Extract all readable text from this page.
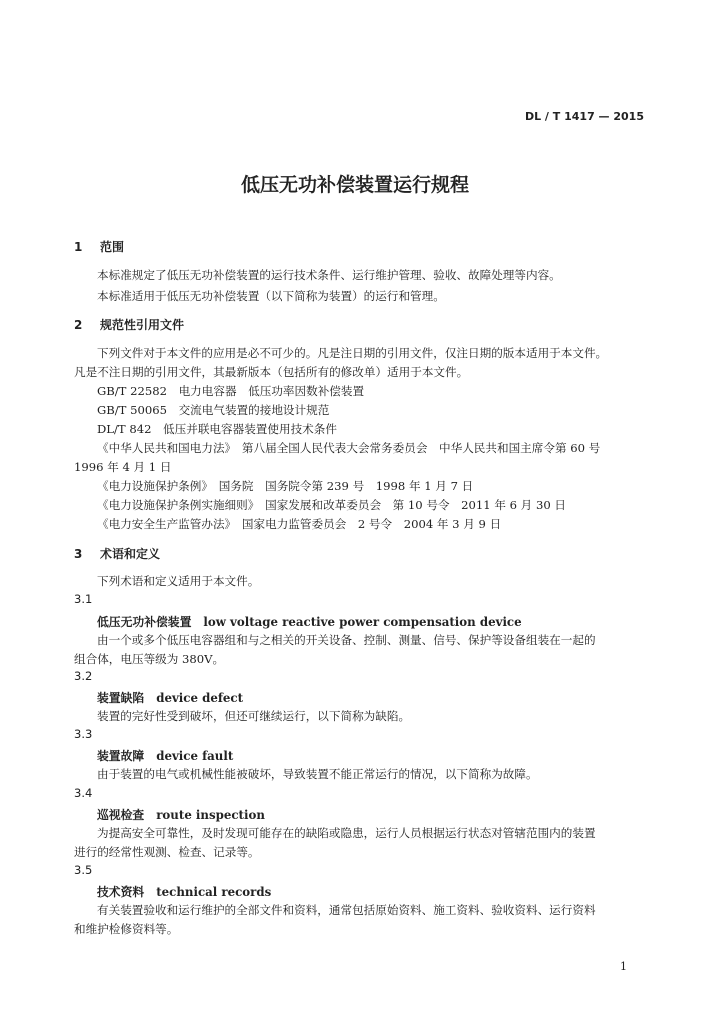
DL / T 1417 — 2015
低压无功补偿装置运行规程
1 范围
本标准规定了低压无功补偿装置的运行技术条件、运行维护管理、验收、故障处理等内容。
本标准适用于低压无功补偿装置（以下简称为装置）的运行和管理。
2 规范性引用文件
下列文件对于本文件的应用是必不可少的。凡是注日期的引用文件，仅注日期的版本适用于本文件。
凡是不注日期的引用文件，其最新版本（包括所有的修改单）适用于本文件。
GB/T 22582　电力电容器　低压功率因数补偿装置
GB/T 50065　交流电气装置的接地设计规范
DL/T 842　低压并联电容器装置使用技术条件
《中华人民共和国电力法》　第八届全国人民代表大会常务委员会　中华人民共和国主席令第 60 号
1996 年 4 月 1 日
《电力设施保护条例》　国务院　国务院令第 239 号　1998 年 1 月 7 日
《电力设施保护条例实施细则》　国家发展和改革委员会　第 10 号令　2011 年 6 月 30 日
《电力安全生产监管办法》　国家电力监管委员会　2 号令　2004 年 3 月 9 日
3 术语和定义
下列术语和定义适用于本文件。
3.1
低压无功补偿装置 low voltage reactive power compensation device
由一个或多个低压电容器组和与之相关的开关设备、控制、测量、信号、保护等设备组装在一起的
组合体，电压等级为 380V。
3.2
装置缺陷 device defect
装置的完好性受到破坏，但还可继续运行，以下简称为缺陷。
3.3
装置故障 device fault
由于装置的电气或机械性能被破坏，导致装置不能正常运行的情况，以下简称为故障。
3.4
巡视检查 route inspection
为提高安全可靠性，及时发现可能存在的缺陷或隐患，运行人员根据运行状态对管辖范围内的装置
进行的经常性观测、检查、记录等。
3.5
技术资料 technical records
有关装置验收和运行维护的全部文件和资料，通常包括原始资料、施工资料、验收资料、运行资料
和维护检修资料等。
1
